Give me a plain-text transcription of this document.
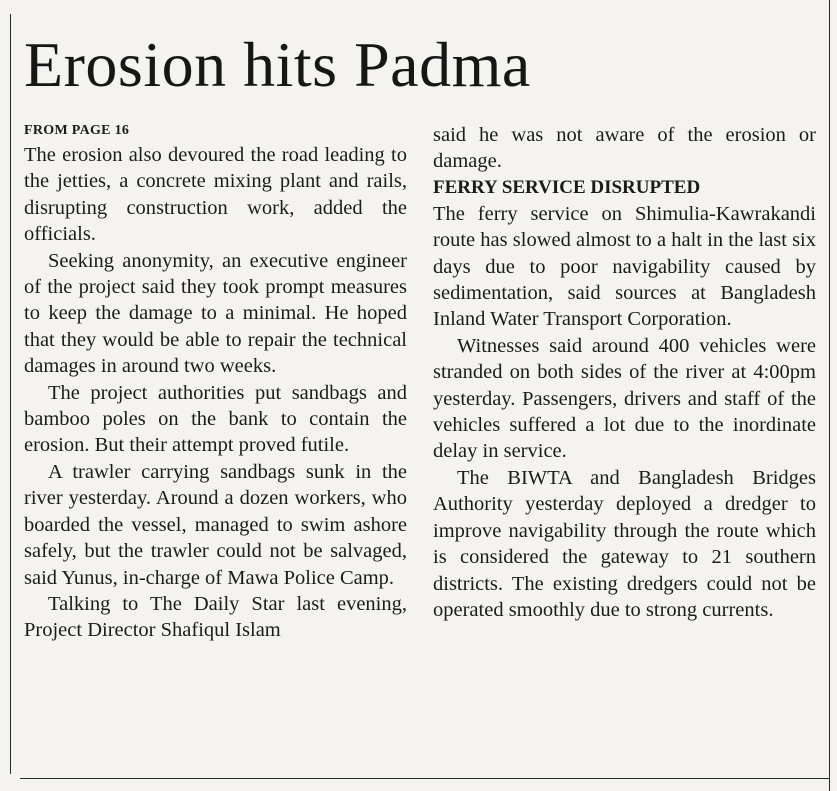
Erosion hits Padma

FROM PAGE 16

The erosion also devoured the road leading to the jetties, a concrete mixing plant and rails, disrupting construction work, added the officials.

Seeking anonymity, an executive engineer of the project said they took prompt measures to keep the damage to a minimal. He hoped that they would be able to repair the technical damages in around two weeks.

The project authorities put sandbags and bamboo poles on the bank to contain the erosion. But their attempt proved futile.

A trawler carrying sandbags sunk in the river yesterday. Around a dozen workers, who boarded the vessel, managed to swim ashore safely, but the trawler could not be salvaged, said Yunus, in-charge of Mawa Police Camp.

Talking to The Daily Star last evening, Project Director Shafiqul Islam

said he was not aware of the erosion or damage.

FERRY SERVICE DISRUPTED

The ferry service on Shimulia-Kawrakandi route has slowed almost to a halt in the last six days due to poor navigability caused by sedimentation, said sources at Bangladesh Inland Water Transport Corporation.

Witnesses said around 400 vehicles were stranded on both sides of the river at 4:00pm yesterday. Passengers, drivers and staff of the vehicles suffered a lot due to the inordinate delay in service.

The BIWTA and Bangladesh Bridges Authority yesterday deployed a dredger to improve navigability through the route which is considered the gateway to 21 southern districts. The existing dredgers could not be operated smoothly due to strong currents.
